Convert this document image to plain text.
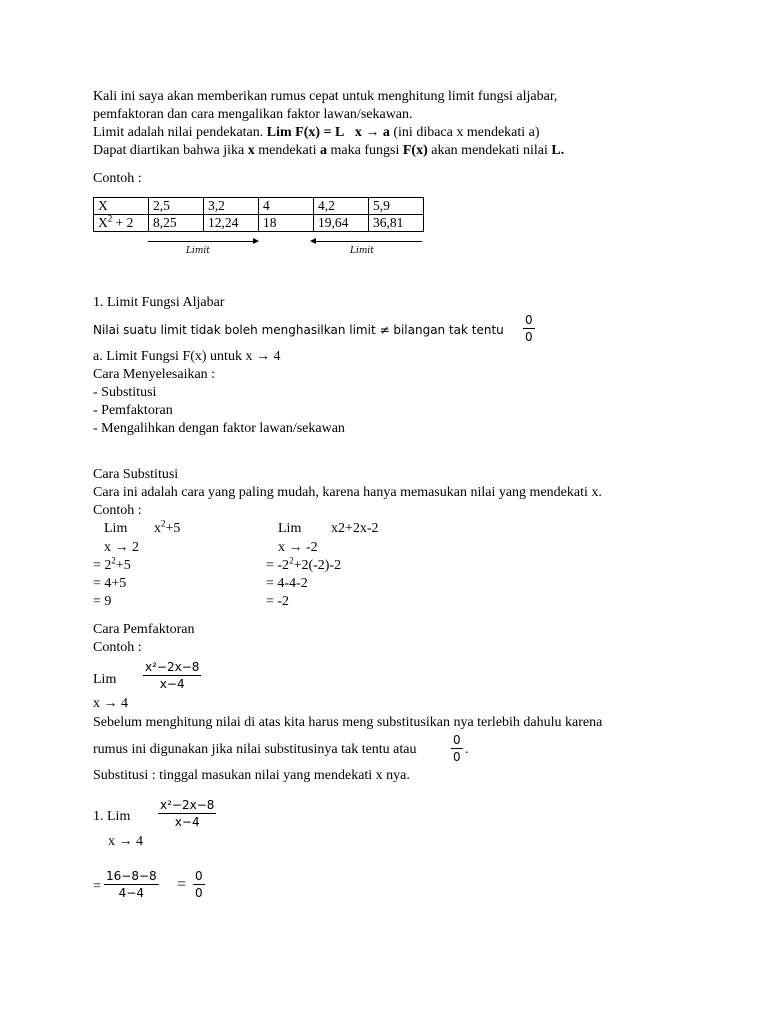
Kali ini saya akan memberikan rumus cepat untuk menghitung limit fungsi aljabar,
pemfaktoran dan cara mengalikan faktor lawan/sekawan.
Limit adalah nilai pendekatan. Lim F(x) = L x → a (ini dibaca x mendekati a)
Dapat diartikan bahwa jika x mendekati a maka fungsi F(x) akan mendekati nilai L.
Contoh :
X	2,5	3,2	4	4,2	5,9
$X^2 + 2$	8,25	12,24	18	19,64	36,81
Limit	Limit
1. Limit Fungsi Aljabar
Nilai suatu limit tidak boleh menghasilkan limit ≠ bilangan tak tentu $\frac{0}{0}$
a. Limit Fungsi F(x) untuk x → 4
Cara Menyelesaikan :
- Substitusi
- Pemfaktoran
- Mengalihkan dengan faktor lawan/sekawan
Cara Substitusi
Cara ini adalah cara yang paling mudah, karena hanya memasukan nilai yang mendekati x.
Contoh :
Lim $x^2+5$
x → 2
= $2^2+5$
= 4+5
= 9
Lim x2+2x-2
x → -2
= $-2^2+2(-2)-2$
= 4-4-2
= -2
Cara Pemfaktoran
Contoh :
Lim $\frac{\text{x²−2x−8}}{x-4}$
x → 4
Sebelum menghitung nilai di atas kita harus meng substitusikan nya terlebih dahulu karena
rumus ini digunakan jika nilai substitusinya tak tentu atau	$\frac{0}{0}$ .
Substitusi : tinggal masukan nilai yang mendekati x nya.
1. Lim $\frac{\text{x²−2x−8}}{x-4}$
x → 4
= $\frac{16-8-8}{4-4} = \frac{0}{0}$
